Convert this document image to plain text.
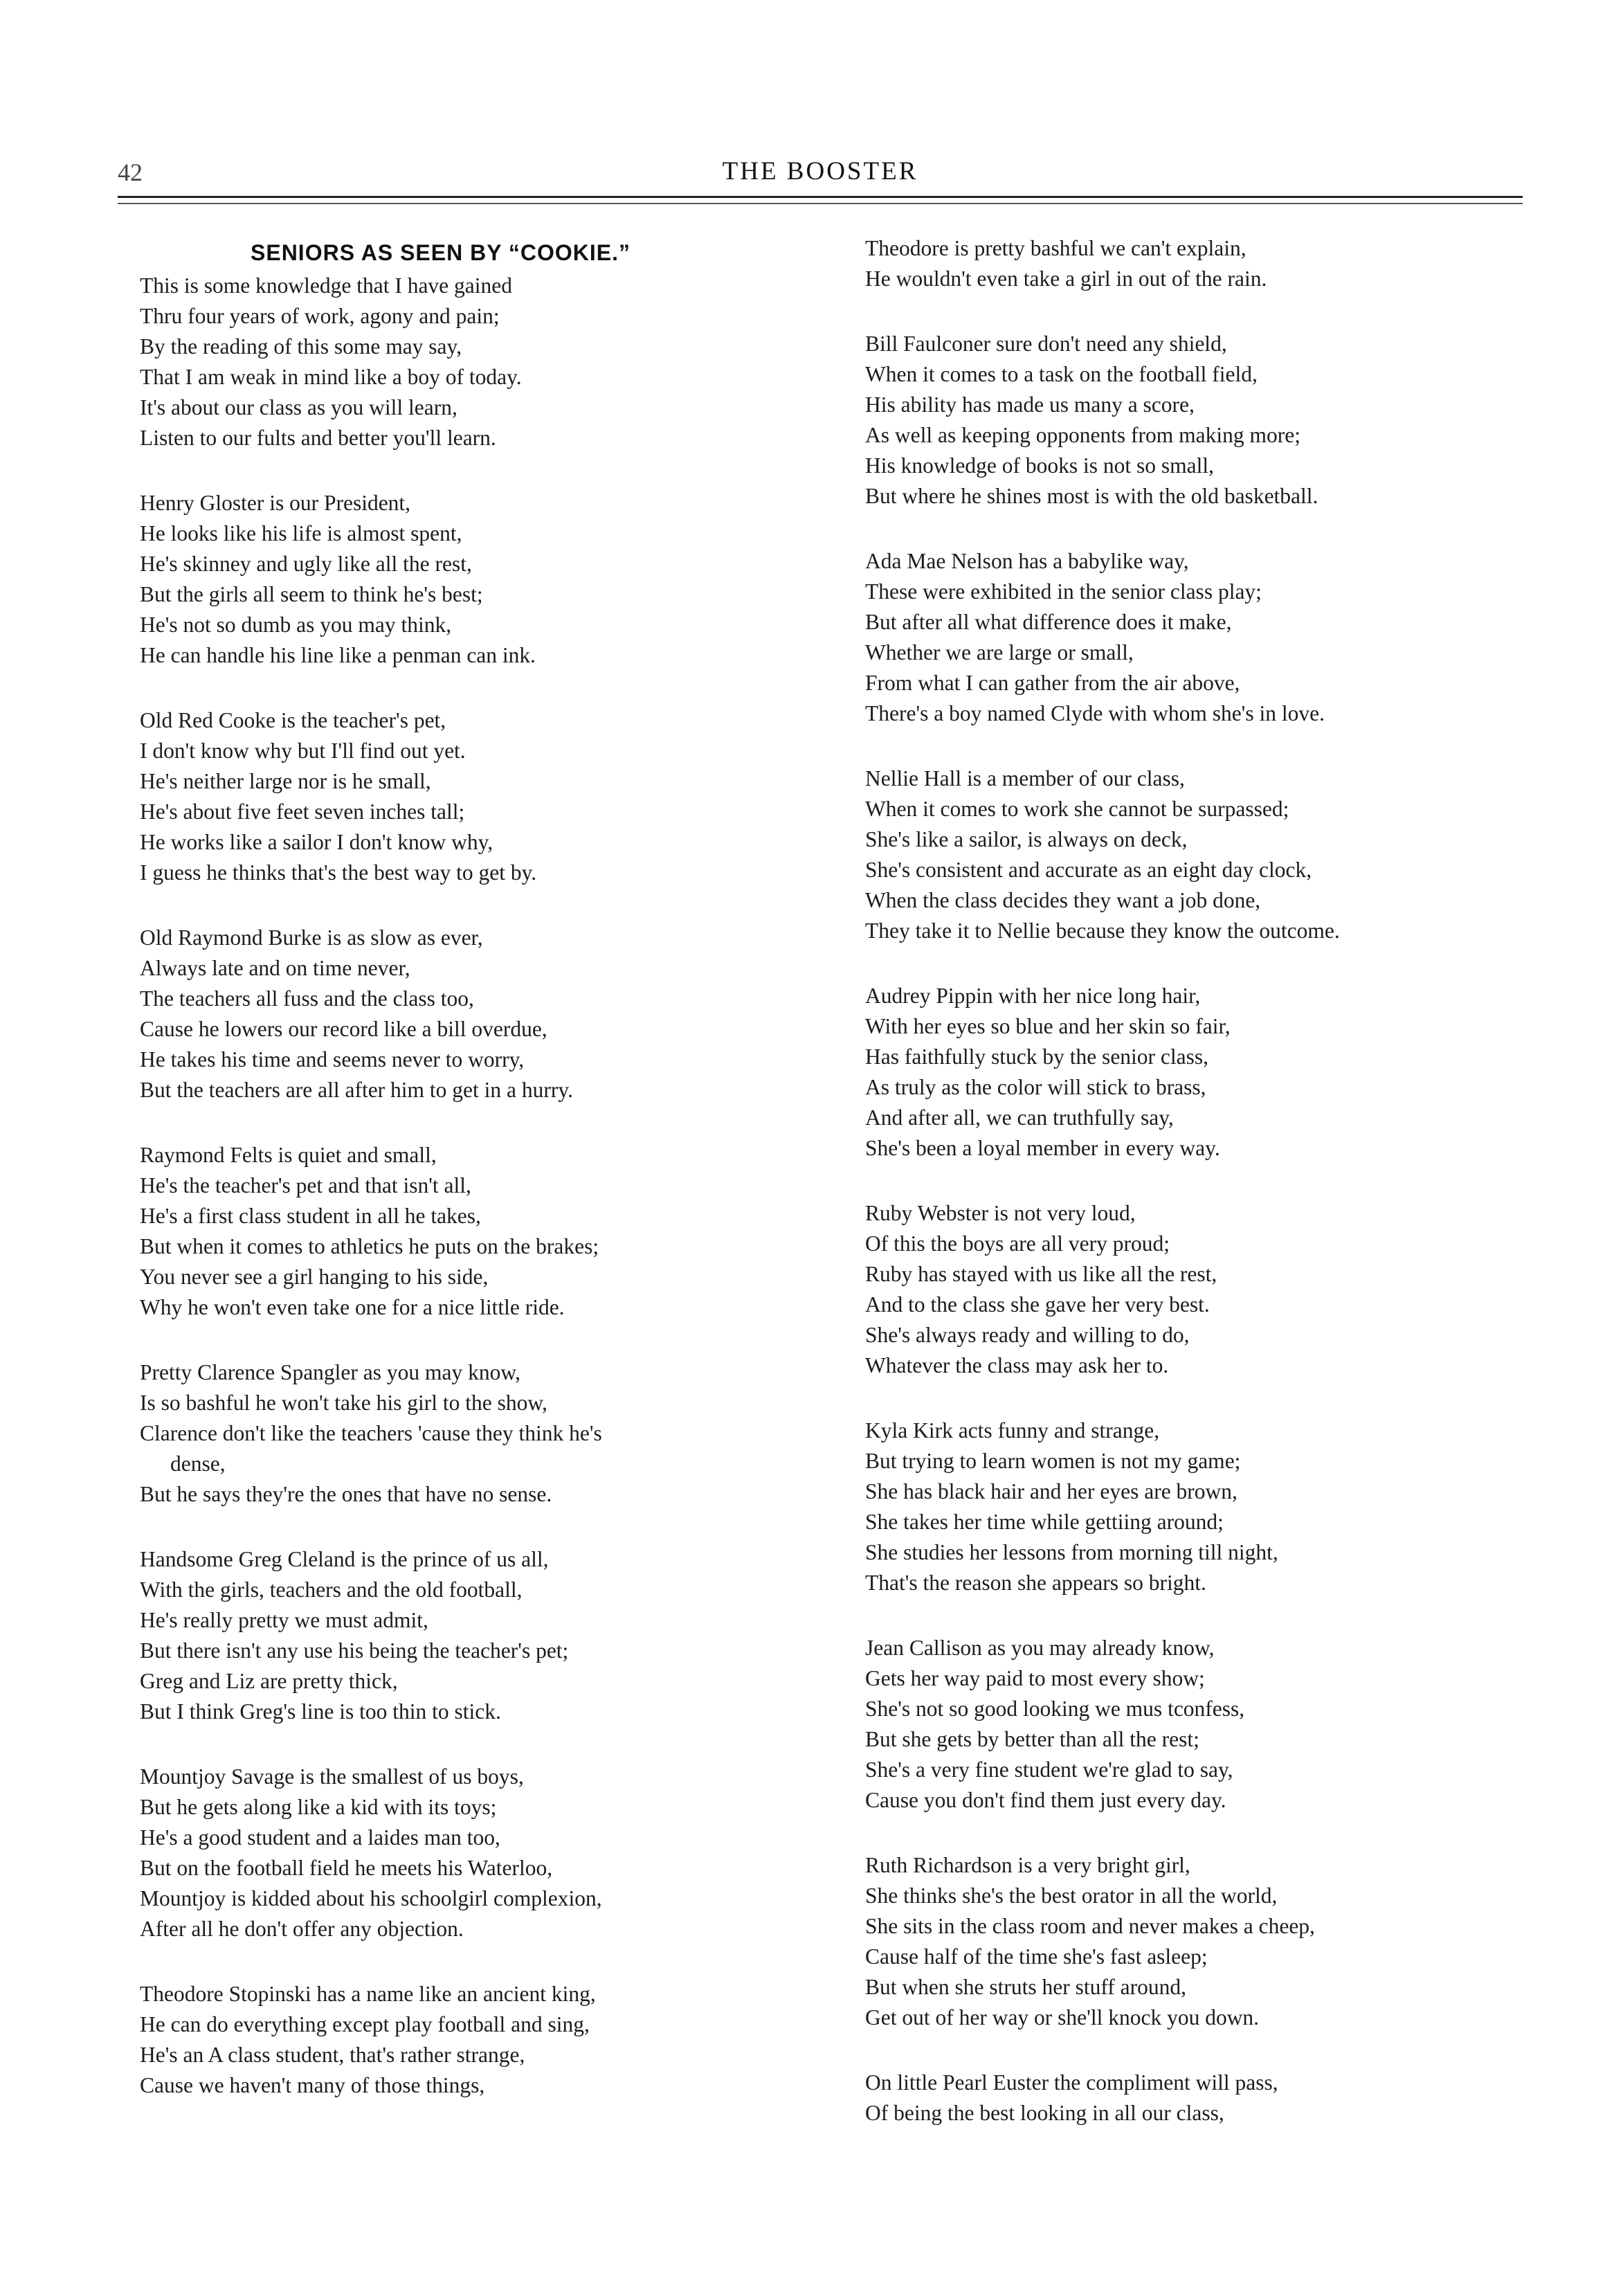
42	THE BOOSTER
SENIORS AS SEEN BY “COOKIE.”
This is some knowledge that I have gained
Thru four years of work, agony and pain;
By the reading of this some may say,
That I am weak in mind like a boy of today.
It's about our class as you will learn,
Listen to our fults and better you'll learn.
Henry Gloster is our President,
He looks like his life is almost spent,
He's skinney and ugly like all the rest,
But the girls all seem to think he's best;
He's not so dumb as you may think,
He can handle his line like a penman can ink.
Old Red Cooke is the teacher's pet,
I don't know why but I'll find out yet.
He's neither large nor is he small,
He's about five feet seven inches tall;
He works like a sailor I don't know why,
I guess he thinks that's the best way to get by.
Old Raymond Burke is as slow as ever,
Always late and on time never,
The teachers all fuss and the class too,
Cause he lowers our record like a bill overdue,
He takes his time and seems never to worry,
But the teachers are all after him to get in a hurry.
Raymond Felts is quiet and small,
He's the teacher's pet and that isn't all,
He's a first class student in all he takes,
But when it comes to athletics he puts on the brakes;
You never see a girl hanging to his side,
Why he won't even take one for a nice little ride.
Pretty Clarence Spangler as you may know,
Is so bashful he won't take his girl to the show,
Clarence don't like the teachers 'cause they think he's
dense,
But he says they're the ones that have no sense.
Handsome Greg Cleland is the prince of us all,
With the girls, teachers and the old football,
He's really pretty we must admit,
But there isn't any use his being the teacher's pet;
Greg and Liz are pretty thick,
But I think Greg's line is too thin to stick.
Mountjoy Savage is the smallest of us boys,
But he gets along like a kid with its toys;
He's a good student and a laides man too,
But on the football field he meets his Waterloo,
Mountjoy is kidded about his schoolgirl complexion,
After all he don't offer any objection.
Theodore Stopinski has a name like an ancient king,
He can do everything except play football and sing,
He's an A class student, that's rather strange,
Cause we haven't many of those things,
Theodore is pretty bashful we can't explain,
He wouldn't even take a girl in out of the rain.
Bill Faulconer sure don't need any shield,
When it comes to a task on the football field,
His ability has made us many a score,
As well as keeping opponents from making more;
His knowledge of books is not so small,
But where he shines most is with the old basketball.
Ada Mae Nelson has a babylike way,
These were exhibited in the senior class play;
But after all what difference does it make,
Whether we are large or small,
From what I can gather from the air above,
There's a boy named Clyde with whom she's in love.
Nellie Hall is a member of our class,
When it comes to work she cannot be surpassed;
She's like a sailor, is always on deck,
She's consistent and accurate as an eight day clock,
When the class decides they want a job done,
They take it to Nellie because they know the outcome.
Audrey Pippin with her nice long hair,
With her eyes so blue and her skin so fair,
Has faithfully stuck by the senior class,
As truly as the color will stick to brass,
And after all, we can truthfully say,
She's been a loyal member in every way.
Ruby Webster is not very loud,
Of this the boys are all very proud;
Ruby has stayed with us like all the rest,
And to the class she gave her very best.
She's always ready and willing to do,
Whatever the class may ask her to.
Kyla Kirk acts funny and strange,
But trying to learn women is not my game;
She has black hair and her eyes are brown,
She takes her time while gettiing around;
She studies her lessons from morning till night,
That's the reason she appears so bright.
Jean Callison as you may already know,
Gets her way paid to most every show;
She's not so good looking we mus tconfess,
But she gets by better than all the rest;
She's a very fine student we're glad to say,
Cause you don't find them just every day.
Ruth Richardson is a very bright girl,
She thinks she's the best orator in all the world,
She sits in the class room and never makes a cheep,
Cause half of the time she's fast asleep;
But when she struts her stuff around,
Get out of her way or she'll knock you down.
On little Pearl Euster the compliment will pass,
Of being the best looking in all our class,
